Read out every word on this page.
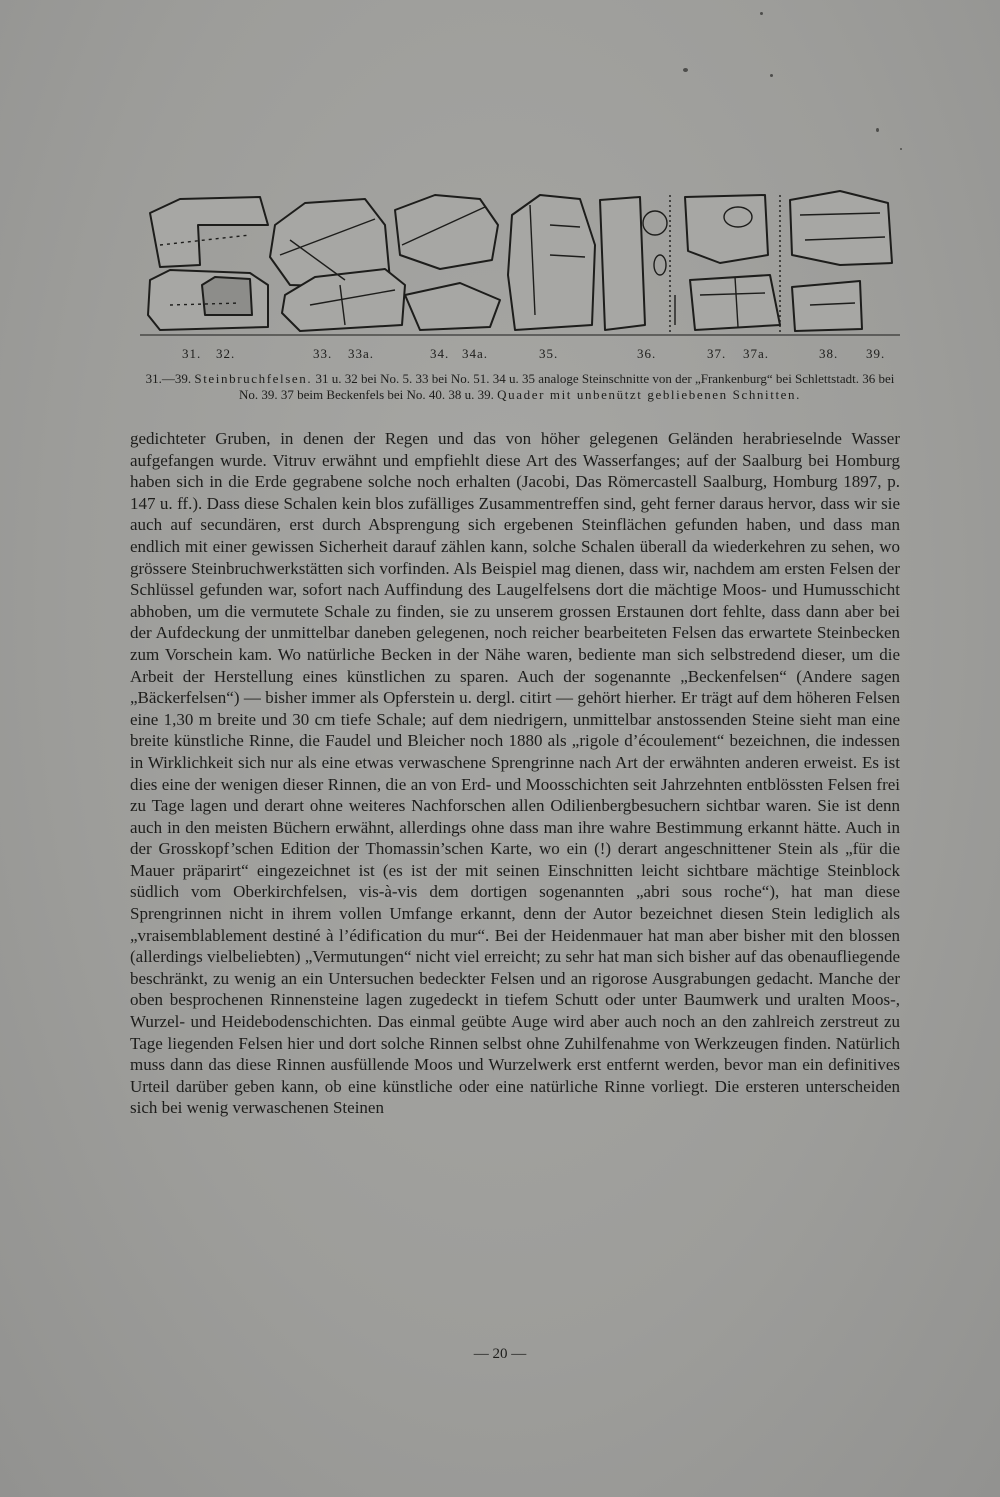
31. 32.	33. 33a.	34. 34a.	35.	36.	37. 37a.	38. 39.
31.—39. Steinbruchfelsen. 31 u. 32 bei No. 5. 33 bei No. 51. 34 u. 35 analoge Steinschnitte von der „Frankenburg“ bei Schlettstadt. 36 bei No. 39. 37 beim Beckenfels bei No. 40. 38 u. 39. Quader mit unbenützt gebliebenen Schnitten.

gedichteter Gruben, in denen der Regen und das von höher gelegenen Geländen herabrieselnde Wasser aufgefangen wurde. Vitruv erwähnt und empfiehlt diese Art des Wasserfanges; auf der Saalburg bei Homburg haben sich in die Erde gegrabene solche noch erhalten (Jacobi, Das Römercastell Saalburg, Homburg 1897, p. 147 u. ff.). Dass diese Schalen kein blos zufälliges Zusammentreffen sind, geht ferner daraus hervor, dass wir sie auch auf secundären, erst durch Absprengung sich ergebenen Steinflächen gefunden haben, und dass man endlich mit einer gewissen Sicherheit darauf zählen kann, solche Schalen überall da wiederkehren zu sehen, wo grössere Steinbruchwerkstätten sich vorfinden. Als Beispiel mag dienen, dass wir, nachdem am ersten Felsen der Schlüssel gefunden war, sofort nach Auffindung des Laugelfelsens dort die mächtige Moos- und Humusschicht abhoben, um die vermutete Schale zu finden, sie zu unserem grossen Erstaunen dort fehlte, dass dann aber bei der Aufdeckung der unmittelbar daneben gelegenen, noch reicher bearbeiteten Felsen das erwartete Steinbecken zum Vorschein kam. Wo natürliche Becken in der Nähe waren, bediente man sich selbstredend dieser, um die Arbeit der Herstellung eines künstlichen zu sparen. Auch der sogenannte „Beckenfelsen“ (Andere sagen „Bäckerfelsen“) — bisher immer als Opferstein u. dergl. citirt — gehört hierher. Er trägt auf dem höheren Felsen eine 1,30 m breite und 30 cm tiefe Schale; auf dem niedrigern, unmittelbar anstossenden Steine sieht man eine breite künstliche Rinne, die Faudel und Bleicher noch 1880 als „rigole d’écoulement“ bezeichnen, die indessen in Wirklichkeit sich nur als eine etwas verwaschene Sprengrinne nach Art der erwähnten anderen erweist. Es ist dies eine der wenigen dieser Rinnen, die an von Erd- und Moosschichten seit Jahrzehnten entblössten Felsen frei zu Tage lagen und derart ohne weiteres Nachforschen allen Odilienbergbesuchern sichtbar waren. Sie ist denn auch in den meisten Büchern erwähnt, allerdings ohne dass man ihre wahre Bestimmung erkannt hätte. Auch in der Grosskopf’schen Edition der Thomassin’schen Karte, wo ein (!) derart angeschnittener Stein als „für die Mauer präparirt“ eingezeichnet ist (es ist der mit seinen Einschnitten leicht sichtbare mächtige Steinblock südlich vom Oberkirchfelsen, vis-à-vis dem dortigen sogenannten „abri sous roche“), hat man diese Sprengrinnen nicht in ihrem vollen Umfange erkannt, denn der Autor bezeichnet diesen Stein lediglich als „vraisemblablement destiné à l’édification du mur“. Bei der Heidenmauer hat man aber bisher mit den blossen (allerdings vielbeliebten) „Vermutungen“ nicht viel erreicht; zu sehr hat man sich bisher auf das obenaufliegende beschränkt, zu wenig an ein Untersuchen bedeckter Felsen und an rigorose Ausgrabungen gedacht. Manche der oben besprochenen Rinnensteine lagen zugedeckt in tiefem Schutt oder unter Baumwerk und uralten Moos-, Wurzel- und Heidebodenschichten. Das einmal geübte Auge wird aber auch noch an den zahlreich zerstreut zu Tage liegenden Felsen hier und dort solche Rinnen selbst ohne Zuhilfenahme von Werkzeugen finden. Natürlich muss dann das diese Rinnen ausfüllende Moos und Wurzelwerk erst entfernt werden, bevor man ein definitives Urteil darüber geben kann, ob eine künstliche oder eine natürliche Rinne vorliegt. Die ersteren unterscheiden sich bei wenig verwaschenen Steinen

— 20 —
